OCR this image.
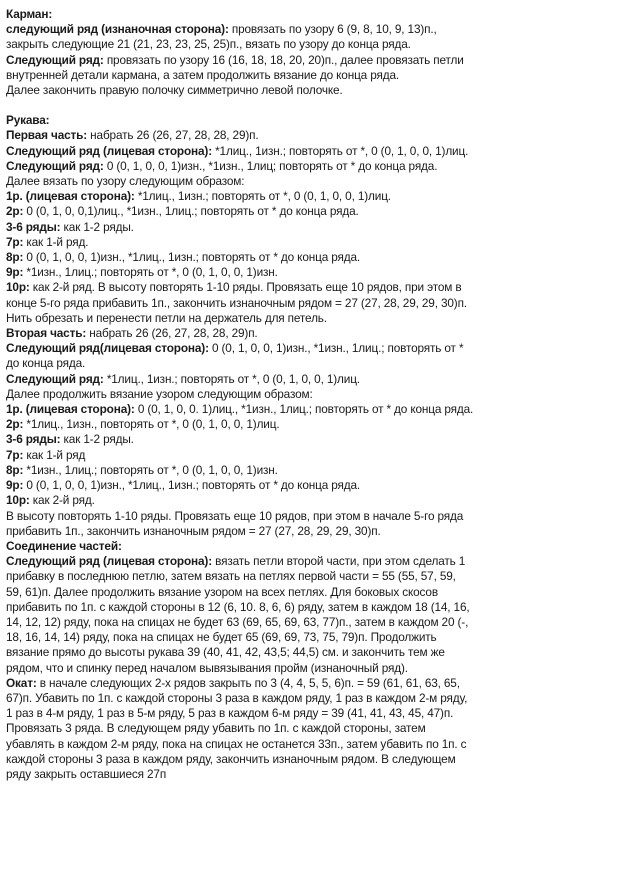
Карман:
следующий ряд (изнаночная сторона): провязать по узору 6 (9, 8, 10, 9, 13)п.,
закрыть следующие 21 (21, 23, 23, 25, 25)п., вязать по узору до конца ряда.
Следующий ряд: провязать по узору 16 (16, 18, 18, 20, 20)п., далее провязать петли
внутренней детали кармана, а затем продолжить вязание до конца ряда.
Далее закончить правую полочку симметрично левой полочке.
Рукава:
Первая часть: набрать 26 (26, 27, 28, 28, 29)п.
Следующий ряд (лицевая сторона): *1лиц., 1изн.; повторять от *, 0 (0, 1, 0, 0, 1)лиц.
Следующий ряд: 0 (0, 1, 0, 0, 1)изн., *1изн., 1лиц; повторять от * до конца ряда.
Далее вязать по узору следующим образом:
1р. (лицевая сторона): *1лиц., 1изн.; повторять от *, 0 (0, 1, 0, 0, 1)лиц.
2р: 0 (0, 1, 0, 0,1)лиц., *1изн., 1лиц.; повторять от * до конца ряда.
3-6 ряды: как 1-2 ряды.
7р: как 1-й ряд.
8р: 0 (0, 1, 0, 0, 1)изн., *1лиц., 1изн.; повторять от * до конца ряда.
9р: *1изн., 1лиц.; повторять от *, 0 (0, 1, 0, 0, 1)изн.
10р: как 2-й ряд. В высоту повторять 1-10 ряды. Провязать еще 10 рядов, при этом в
конце 5-го ряда прибавить 1п., закончить изнаночным рядом = 27 (27, 28, 29, 29, 30)п.
Нить обрезать и перенести петли на держатель для петель.
Вторая часть: набрать 26 (26, 27, 28, 28, 29)п.
Следующий ряд(лицевая сторона): 0 (0, 1, 0, 0, 1)изн., *1изн., 1лиц.; повторять от *
до конца ряда.
Следующий ряд: *1лиц., 1изн.; повторять от *, 0 (0, 1, 0, 0, 1)лиц.
Далее продолжить вязание узором следующим образом:
1р. (лицевая сторона): 0 (0, 1, 0, 0. 1)лиц., *1изн., 1лиц.; повторять от * до конца ряда.
2р: *1лиц., 1изн., повторять от *, 0 (0, 1, 0, 0, 1)лиц.
3-6 ряды: как 1-2 ряды.
7р: как 1-й ряд
8р: *1изн., 1лиц.; повторять от *, 0 (0, 1, 0, 0, 1)изн.
9р: 0 (0, 1, 0, 0, 1)изн., *1лиц., 1изн.; повторять от * до конца ряда.
10р: как 2-й ряд.
В высоту повторять 1-10 ряды. Провязать еще 10 рядов, при этом в начале 5-го ряда
прибавить 1п., закончить изнаночным рядом = 27 (27, 28, 29, 29, 30)п.
Соединение частей:
Следующий ряд (лицевая сторона): вязать петли второй части, при этом сделать 1
прибавку в последнюю петлю, затем вязать на петлях первой части = 55 (55, 57, 59,
59, 61)п. Далее продолжить вязание узором на всех петлях. Для боковых скосов
прибавить по 1п. с каждой стороны в 12 (6, 10. 8, 6, 6) ряду, затем в каждом 18 (14, 16,
14, 12, 12) ряду, пока на спицах не будет 63 (69, 65, 69, 63, 77)п., затем в каждом 20 (-,
18, 16, 14, 14) ряду, пока на спицах не будет 65 (69, 69, 73, 75, 79)п. Продолжить
вязание прямо до высоты рукава 39 (40, 41, 42, 43,5; 44,5) см. и закончить тем же
рядом, что и спинку перед началом вывязывания пройм (изнаночный ряд).
Окат: в начале следующих 2-х рядов закрыть по 3 (4, 4, 5, 5, 6)п. = 59 (61, 61, 63, 65,
67)п. Убавить по 1п. с каждой стороны 3 раза в каждом ряду, 1 раз в каждом 2-м ряду,
1 раз в 4-м ряду, 1 раз в 5-м ряду, 5 раз в каждом 6-м ряду = 39 (41, 41, 43, 45, 47)п.
Провязать 3 ряда. В следующем ряду убавить по 1п. с каждой стороны, затем
убавлять в каждом 2-м ряду, пока на спицах не останется 33п., затем убавить по 1п. с
каждой стороны 3 раза в каждом ряду, закончить изнаночным рядом. В следующем
ряду закрыть оставшиеся 27п
